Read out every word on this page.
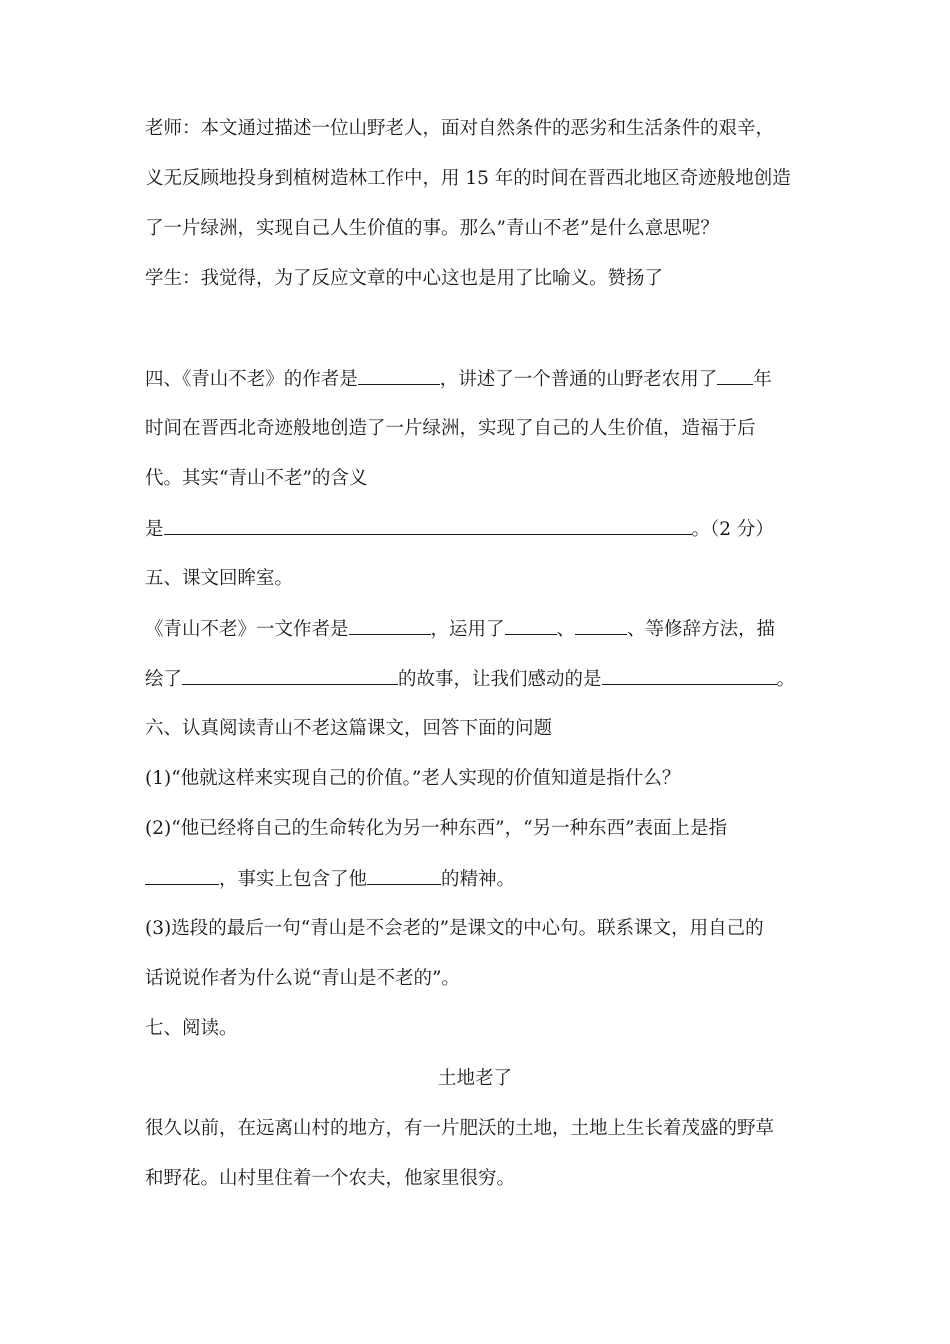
老师：本文通过描述一位山野老人，面对自然条件的恶劣和生活条件的艰辛，
义无反顾地投身到植树造林工作中，用 15 年的时间在晋西北地区奇迹般地创造
了一片绿洲，实现自己人生价值的事。那么”青山不老”是什么意思呢？
学生：我觉得，为了反应文章的中心这也是用了比喻义。赞扬了
四、《青山不老》的作者是	，讲述了一个普通的山野老农用了 年
时间在晋西北奇迹般地创造了一片绿洲，实现了自己的人生价值，造福于后
代。其实“青山不老”的含义
是	。（2 分）
五、课文回眸室。
《青山不老》一文作者是	，运用了	、	、等修辞方法，描
绘了	的故事，让我们感动的是	。
六、认真阅读青山不老这篇课文，回答下面的问题
(1)“他就这样来实现自己的价值。”老人实现的价值知道是指什么？
(2)“他已经将自己的生命转化为另一种东西”，“另一种东西”表面上是指
，事实上包含了他	的精神。
(3)选段的最后一句“青山是不会老的”是课文的中心句。联系课文，用自己的
话说说作者为什么说“青山是不老的”。
七、阅读。
土地老了
很久以前，在远离山村的地方，有一片肥沃的土地，土地上生长着茂盛的野草
和野花。山村里住着一个农夫，他家里很穷。
